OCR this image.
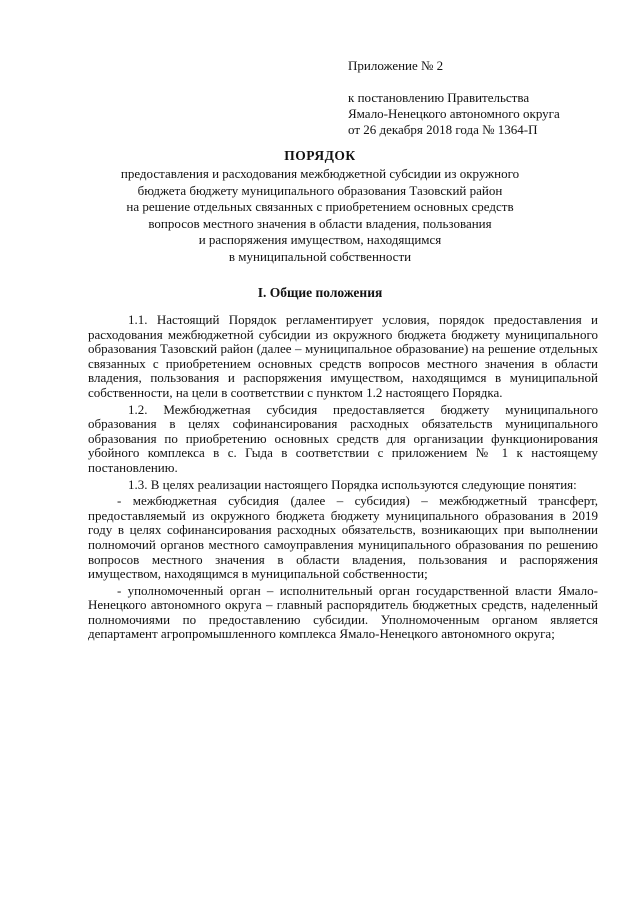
Приложение № 2
к постановлению Правительства
Ямало-Ненецкого автономного округа
от 26 декабря 2018 года № 1364-П
ПОРЯДОК
предоставления и расходования межбюджетной субсидии из окружного
бюджета бюджету муниципального образования Тазовский район
на решение отдельных связанных с приобретением основных средств
вопросов местного значения в области владения, пользования
и распоряжения имуществом, находящимся
в муниципальной собственности
I. Общие положения

1.1. Настоящий Порядок регламентирует условия, порядок предоставления и расходования межбюджетной субсидии из окружного бюджета бюджету муниципального образования Тазовский район (далее – муниципальное образование) на решение отдельных связанных с приобретением основных средств вопросов местного значения в области владения, пользования и распоряжения имуществом, находящимся в муниципальной собственности, на цели в соответствии с пунктом 1.2 настоящего Порядка.

1.2. Межбюджетная субсидия предоставляется бюджету муниципального образования в целях софинансирования расходных обязательств муниципального образования по приобретению основных средств для организации функционирования убойного комплекса в с. Гыда в соответствии с приложением № 1 к настоящему постановлению.

1.3. В целях реализации настоящего Порядка используются следующие понятия:

- межбюджетная субсидия (далее – субсидия) – межбюджетный трансферт, предоставляемый из окружного бюджета бюджету муниципального образования в 2019 году в целях софинансирования расходных обязательств, возникающих при выполнении полномочий органов местного самоуправления муниципального образования по решению вопросов местного значения в области владения, пользования и распоряжения имуществом, находящимся в муниципальной собственности;

- уполномоченный орган – исполнительный орган государственной власти Ямало-Ненецкого автономного округа – главный распорядитель бюджетных средств, наделенный полномочиями по предоставлению субсидии. Уполномоченным органом является департамент агропромышленного комплекса Ямало-Ненецкого автономного округа;
